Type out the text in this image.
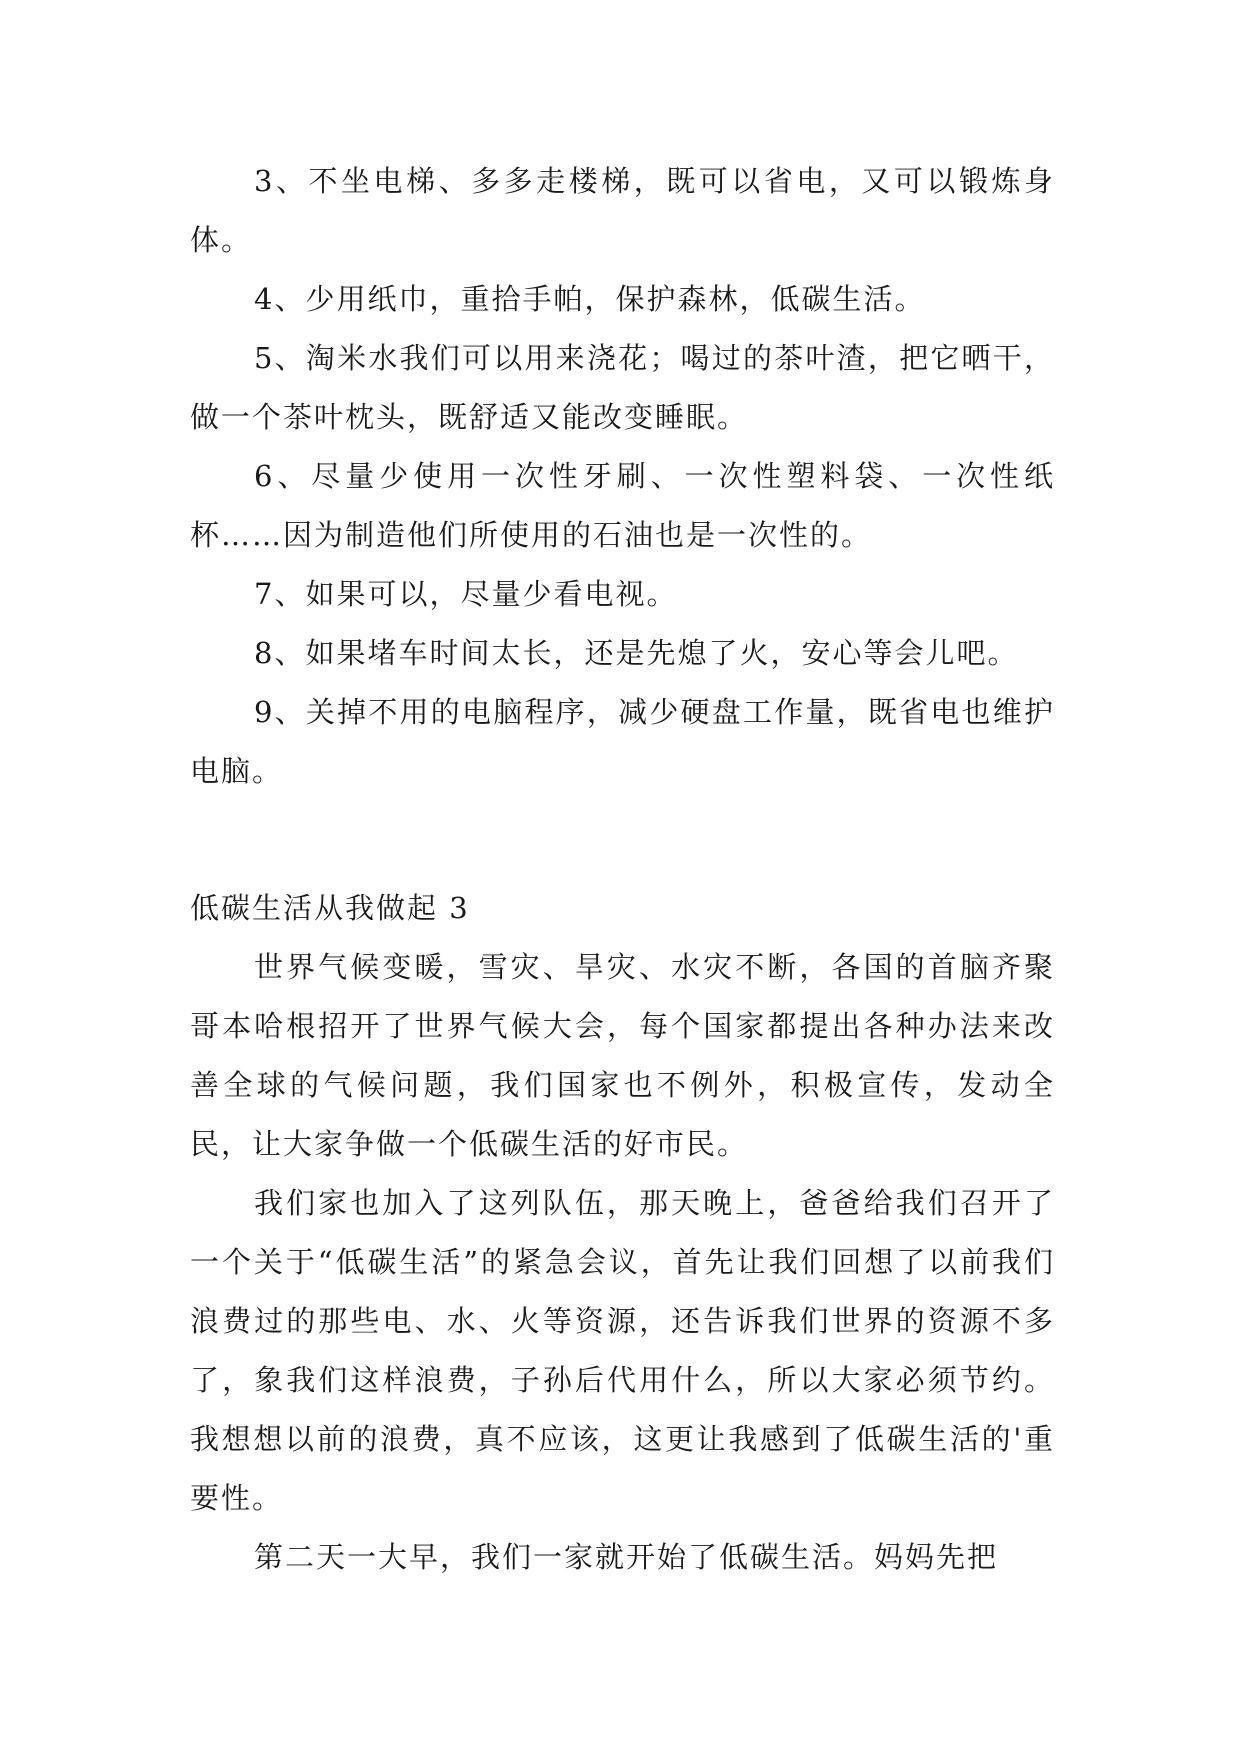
3、不坐电梯、多多走楼梯，既可以省电，又可以锻炼身体。

4、少用纸巾，重拾手帕，保护森林，低碳生活。

5、淘米水我们可以用来浇花；喝过的茶叶渣，把它晒干，做一个茶叶枕头，既舒适又能改变睡眠。

6、尽量少使用一次性牙刷、一次性塑料袋、一次性纸杯……因为制造他们所使用的石油也是一次性的。

7、如果可以，尽量少看电视。

8、如果堵车时间太长，还是先熄了火，安心等会儿吧。

9、关掉不用的电脑程序，减少硬盘工作量，既省电也维护电脑。

低碳生活从我做起 3

世界气候变暖，雪灾、旱灾、水灾不断，各国的首脑齐聚哥本哈根招开了世界气候大会，每个国家都提出各种办法来改善全球的气候问题，我们国家也不例外，积极宣传，发动全民，让大家争做一个低碳生活的好市民。

我们家也加入了这列队伍，那天晚上，爸爸给我们召开了一个关于“低碳生活”的紧急会议，首先让我们回想了以前我们浪费过的那些电、水、火等资源，还告诉我们世界的资源不多了，象我们这样浪费，子孙后代用什么，所以大家必须节约。我想想以前的浪费，真不应该，这更让我感到了低碳生活的'重要性。

第二天一大早，我们一家就开始了低碳生活。妈妈先把
